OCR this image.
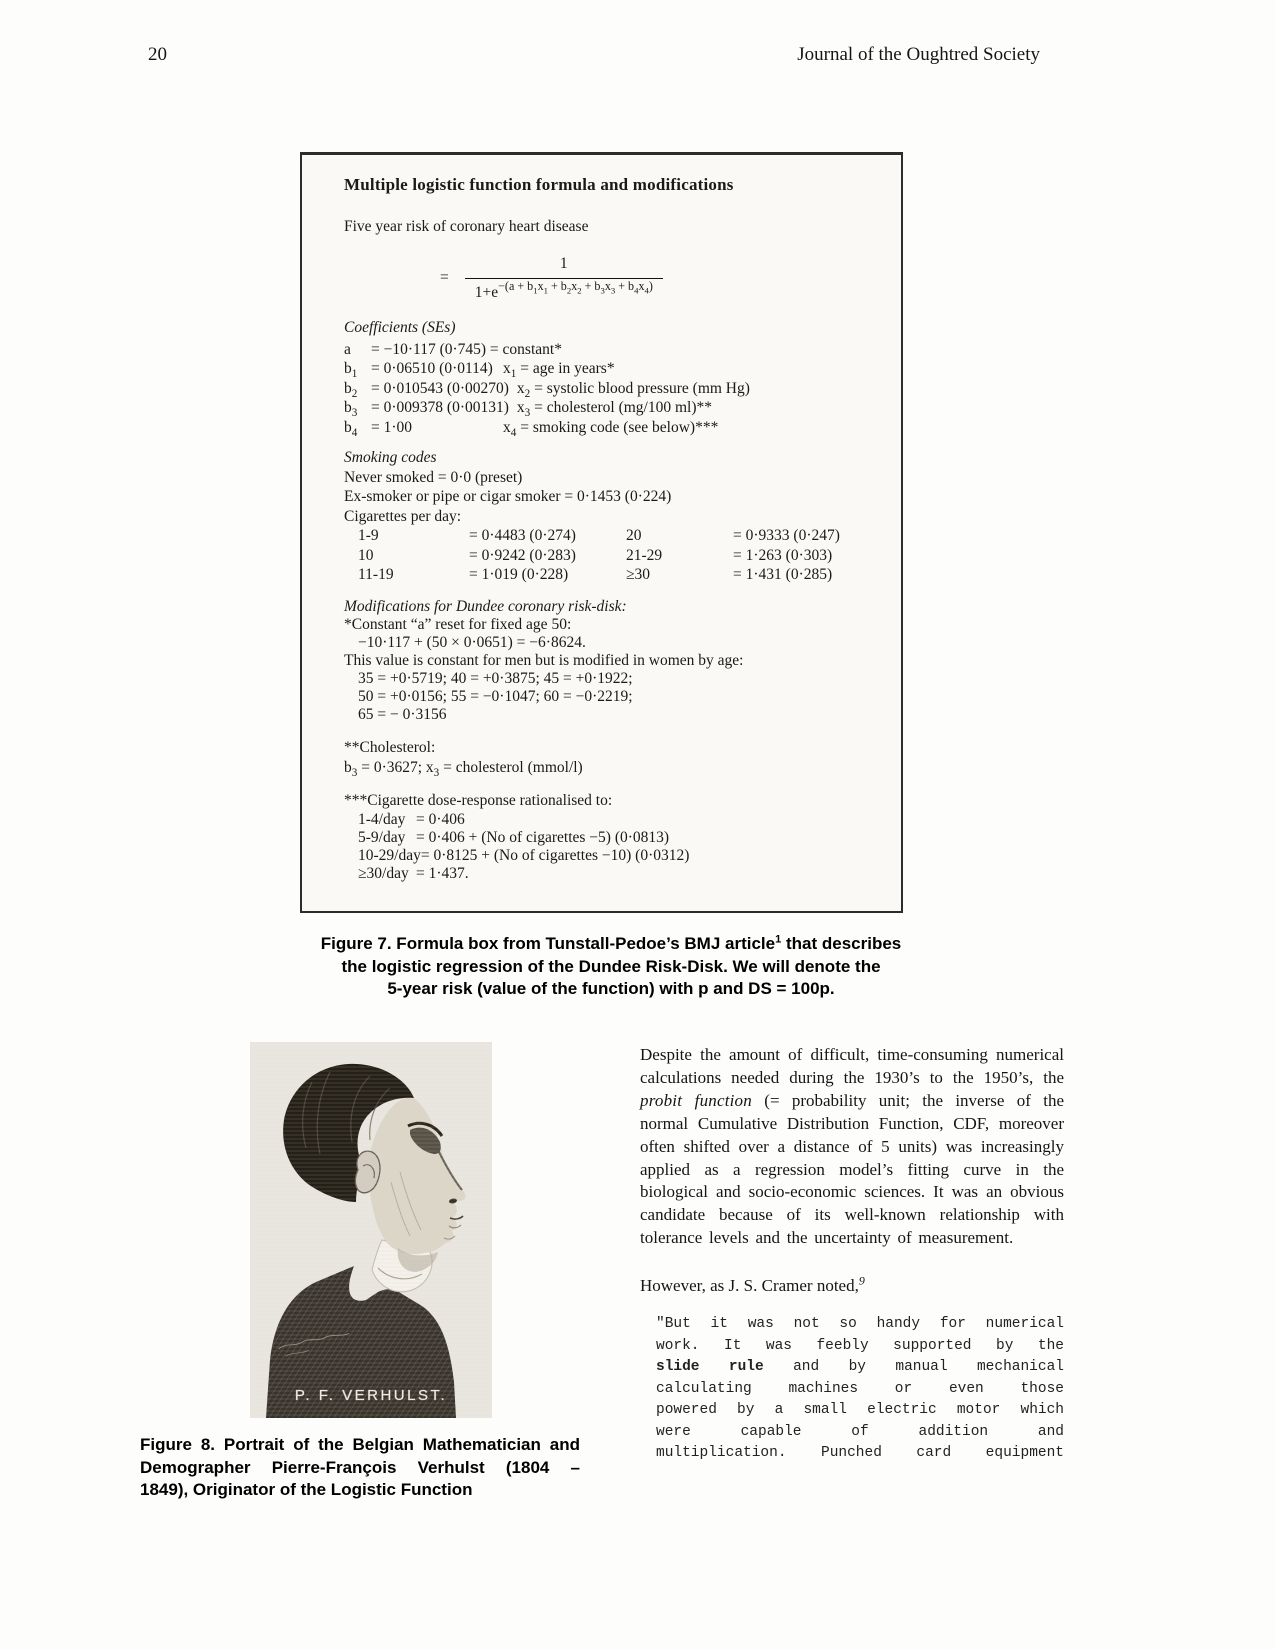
20	Journal of the Oughtred Society
Multiple logistic function formula and modifications

Five year risk of coronary heart disease

= $\frac{1}{1+e^{-(a + b_1x_1 + b_2x_2 + b_3x_3 + b_4x_4)}}$

Coefficients (SEs)

a	= −10·117 (0·745) = constant*
$b_1 = 0\cdot 06510$ (0·0114) $x_1$ = age in years*
$b_2 = 0\cdot 010543$ (0·00270) $x_2$ = systolic blood pressure (mm Hg)
$b_3 = 0\cdot 009378$ (0·00131) $x_3$ = cholesterol (mg/100 ml)**
$b_4 = 1\cdot 00$	$x_4$ = smoking code (see below)***

Smoking codes

Never smoked = 0·0 (preset)
Ex-smoker or pipe or cigar smoker = 0·1453 (0·224)
Cigarettes per day:
1-9	= 0·4483 (0·274)	20	= 0·9333 (0·247)
10	= 0·9242 (0·283)	21-29	= 1·263 (0·303)
11-19	= 1·019 (0·228)	≥30	= 1·431 (0·285)

Modifications for Dundee coronary risk-disk:

*Constant “a” reset for fixed age 50:
−10·117 + (50 × 0·0651) = −6·8624.
This value is constant for men but is modified in women by age:
35 = +0·5719; 40 = +0·3875; 45 = +0·1922;
50 = +0·0156; 55 = −0·1047; 60 = −0·2219;
65 = − 0·3156

**Cholesterol:

$b_3 = 0\cdot 3627$; $x_3$ = cholesterol (mmol/l)

***Cigarette dose-response rationalised to:

1-4/day = 0·406
5-9/day = 0·406 + (No of cigarettes −5) (0·0813)
10-29/day= 0·8125 + (No of cigarettes −10) (0·0312)
≥30/day = 1·437.
Figure 7. Formula box from Tunstall-Pedoe’s BMJ article$^1$ that describes
the logistic regression of the Dundee Risk-Disk. We will denote the
5-year risk (value of the function) with p and DS = 100p.
P. F. VERHULST.
Figure 8. Portrait of the Belgian Mathematician and
Demographer Pierre-François Verhulst (1804 –
1849), Originator of the Logistic Function

Despite the amount of difficult, time-consuming numerical calculations needed during the 1930’s to the 1950’s, the probit function (= probability unit; the inverse of the normal Cumulative Distribution Function, CDF, moreover often shifted over a distance of 5 units) was increasingly applied as a regression model’s fitting curve in the biological and socio-economic sciences. It was an obvious candidate because of its well-known relationship with tolerance levels and the uncertainty of measurement.

However, as J. S. Cramer noted,$^9$

"But it was not so handy for numerical
work. It was feebly supported by the
slide rule and by manual mechanical
calculating machines or even those
powered by a small electric motor which
were capable of addition and
multiplication. Punched card equipment
